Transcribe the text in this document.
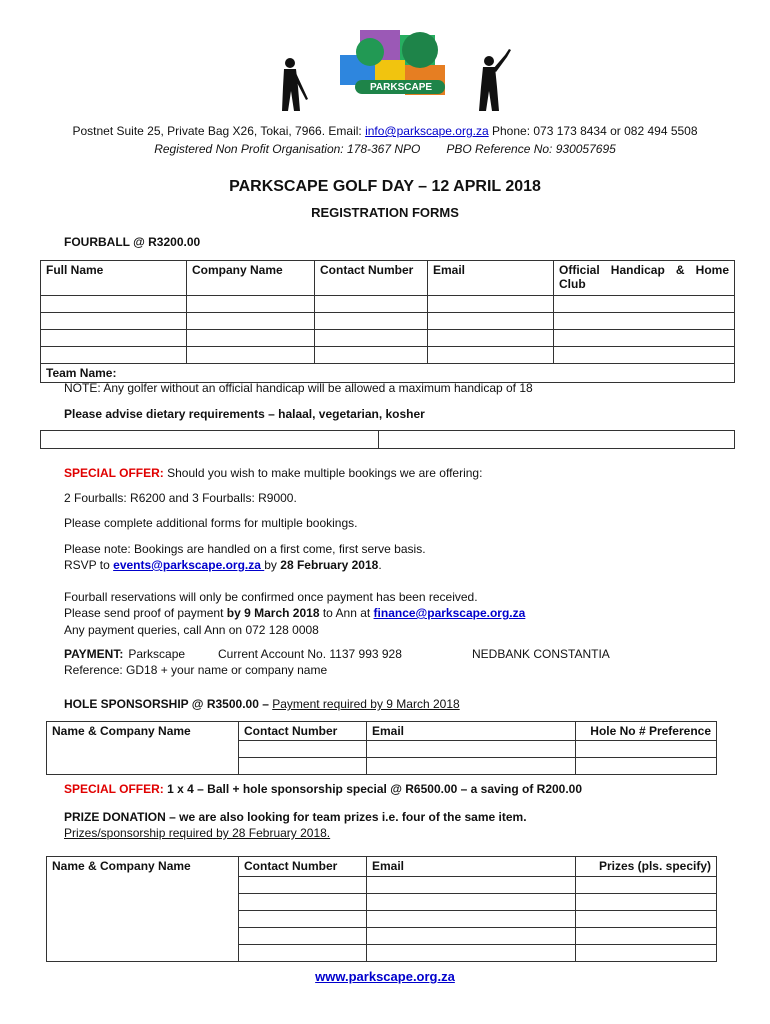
PARKSCAPE
Postnet Suite 25, Private Bag X26, Tokai, 7966. Email: info@parkscape.org.za Phone: 073 173 8434 or 082 494 5508
Registered Non Profit Organisation: 178-367 NPO PBO Reference No: 930057695
PARKSCAPE GOLF DAY – 12 APRIL 2018
REGISTRATION FORMS
FOURBALL @ R3200.00
Full Name	Company Name	Contact Number	Email	Official Handicap & Home Club

Team Name:				
NOTE: Any golfer without an official handicap will be allowed a maximum handicap of 18
Please advise dietary requirements – halaal, vegetarian, kosher

SPECIAL OFFER: Should you wish to make multiple bookings we are offering:
2 Fourballs: R6200 and 3 Fourballs: R9000.
Please complete additional forms for multiple bookings.
Please note: Bookings are handled on a first come, first serve basis.
RSVP to events@parkscape.org.za by 28 February 2018.
Fourball reservations will only be confirmed once payment has been received.
Please send proof of payment by 9 March 2018 to Ann at finance@parkscape.org.za
Any payment queries, call Ann on 072 128 0008
PAYMENT: Parkscape	Current Account No. 1137 993 928	NEDBANK CONSTANTIA
Reference: GD18 + your name or company name
HOLE SPONSORSHIP @ R3500.00 – Payment required by 9 March 2018
Name & Company Name	Contact Number	Email	Hole No # Preference

SPECIAL OFFER: 1 x 4 – Ball + hole sponsorship special @ R6500.00 – a saving of R200.00
PRIZE DONATION – we are also looking for team prizes i.e. four of the same item.
Prizes/sponsorship required by 28 February 2018.
Name & Company Name	Contact Number	Email	Prizes (pls. specify)

www.parkscape.org.za
